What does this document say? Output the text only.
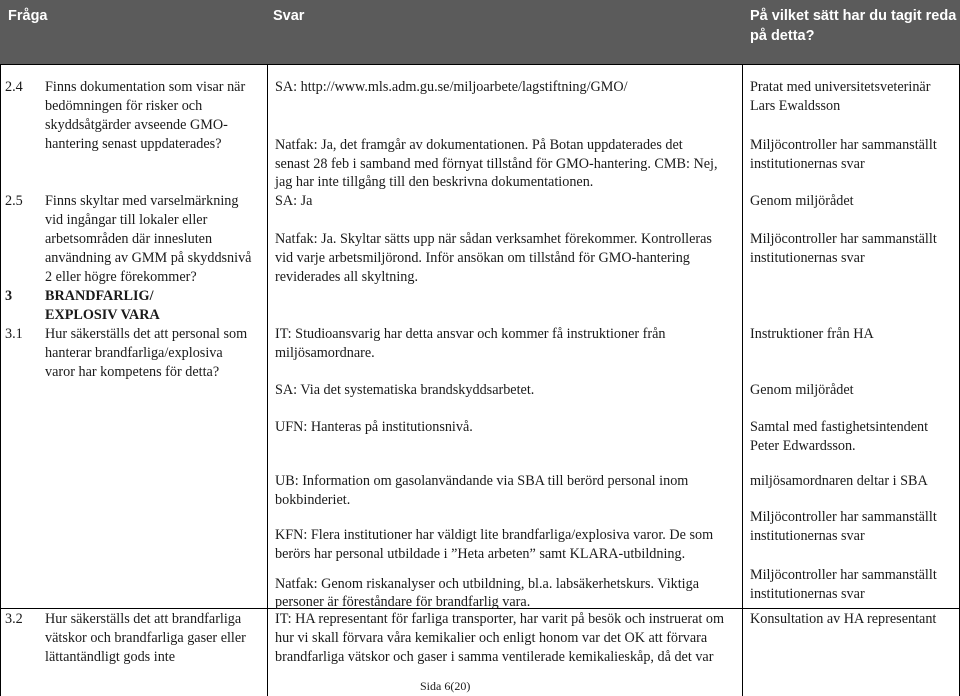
Fråga	Svar	På vilket sätt har du tagit reda
på detta?
2.4 Finns dokumentation som visar när
bedömningen för risker och
skyddsåtgärder avseende GMO-
hantering senast uppdaterades?
SA: http://www.mls.adm.gu.se/miljoarbete/lagstiftning/GMO/
Natfak: Ja, det framgår av dokumentationen. På Botan uppdaterades det
senast 28 feb i samband med förnyat tillstånd för GMO-hantering. CMB: Nej,
jag har inte tillgång till den beskrivna dokumentationen.
Pratat med universitetsveterinär
Lars Ewaldsson
Miljöcontroller har sammanställt
institutionernas svar
2.5 Finns skyltar med varselmärkning
vid ingångar till lokaler eller
arbetsområden där innesluten
användning av GMM på skyddsnivå
2 eller högre förekommer?
SA: Ja
Natfak: Ja. Skyltar sätts upp när sådan verksamhet förekommer. Kontrolleras
vid varje arbetsmiljörond. Inför ansökan om tillstånd för GMO-hantering
reviderades all skyltning.
Genom miljörådet
Miljöcontroller har sammanställt
institutionernas svar
3 BRANDFARLIG/
EXPLOSIV VARA
3.1 Hur säkerställs det att personal som
hanterar brandfarliga/explosiva
varor har kompetens för detta?
IT: Studioansvarig har detta ansvar och kommer få instruktioner från
miljösamordnare.
SA: Via det systematiska brandskyddsarbetet.
UFN: Hanteras på institutionsnivå.
UB: Information om gasolanvändande via SBA till berörd personal inom
bokbinderiet.
KFN: Flera institutioner har väldigt lite brandfarliga/explosiva varor. De som
berörs har personal utbildade i ”Heta arbeten” samt KLARA-utbildning.
Natfak: Genom riskanalyser och utbildning, bl.a. labsäkerhetskurs. Viktiga
personer är föreståndare för brandfarlig vara.
Instruktioner från HA
Genom miljörådet
Samtal med fastighetsintendent
Peter Edwardsson.
miljösamordnaren deltar i SBA
Miljöcontroller har sammanställt
institutionernas svar
Miljöcontroller har sammanställt
institutionernas svar
3.2 Hur säkerställs det att brandfarliga
vätskor och brandfarliga gaser eller
lättantändligt gods inte
IT: HA representant för farliga transporter, har varit på besök och instruerat om
hur vi skall förvara våra kemikalier och enligt honom var det OK att förvara
brandfarliga vätskor och gaser i samma ventilerade kemikalieskåp, då det var
Konsultation av HA representant
Sida 6(20)
